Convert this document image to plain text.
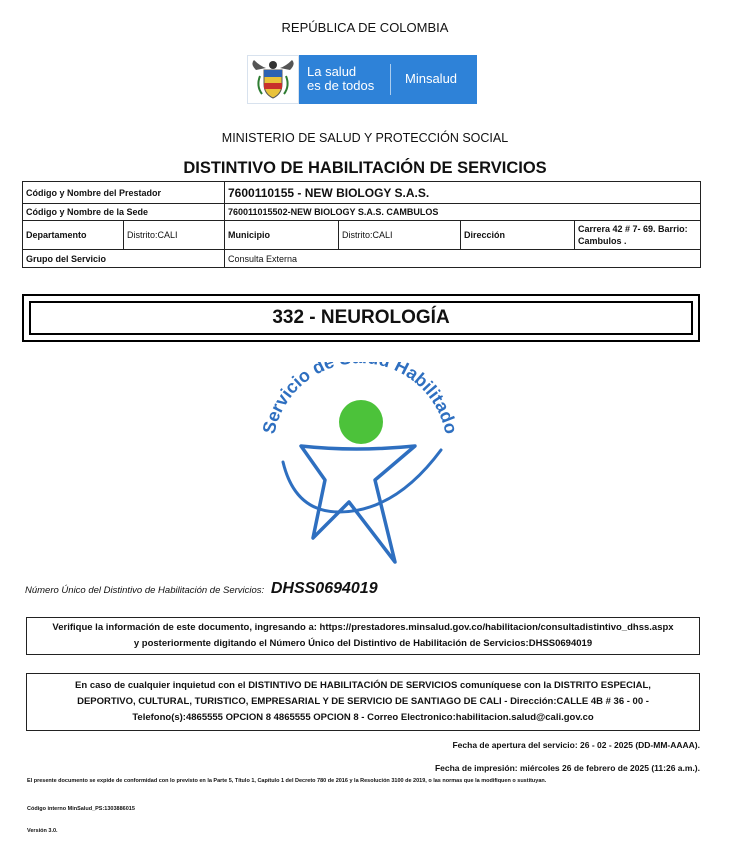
REPÚBLICA DE COLOMBIA
La salud
es de todos Minsalud
MINISTERIO DE SALUD Y PROTECCIÓN SOCIAL
DISTINTIVO DE HABILITACIÓN DE SERVICIOS
Código y Nombre del Prestador		7600110155 - NEW BIOLOGY S.A.S.			
Código y Nombre de la Sede		760011015502-NEW BIOLOGY S.A.S. CAMBULOS			
Departamento	Distrito:CALI	Municipio	Distrito:CALI	Dirección	Carrera 42 # 7- 69. Barrio: Cambulos .
Grupo del Servicio		Consulta Externa			
332 - NEUROLOGÍA
Servicio de Habilitado
Número Único del Distintivo de Habilitación de Servicios: DHSS0694019
Verifique la información de este documento, ingresando a: https://prestadores.minsalud.gov.co/habilitacion/consultadistintivo_dhss.aspx
y posteriormente digitando el Número Único del Distintivo de Habilitación de Servicios:DHSS0694019
En caso de cualquier inquietud con el DISTINTIVO DE HABILITACIÓN DE SERVICIOS comuníquese con la DISTRITO ESPECIAL,
DEPORTIVO, CULTURAL, TURISTICO, EMPRESARIAL Y DE SERVICIO DE SANTIAGO DE CALI - Dirección:CALLE 4B # 36 - 00 -
Telefono(s):4865555 OPCION 8 4865555 OPCION 8 - Correo Electronico:habilitacion.salud@cali.gov.co
Fecha de apertura del servicio: 26 - 02 - 2025 (DD-MM-AAAA).
Fecha de impresión: miércoles 26 de febrero de 2025 (11:26 a.m.).
El presente documento se expide de conformidad con lo previsto en la Parte 5, Título 1, Capítulo 1 del Decreto 780 de 2016 y la Resolución 3100 de 2019, o las normas que la modifiquen o sustituyan.
Código interno MinSalud_PS:1303886015
Versión 3.0.
